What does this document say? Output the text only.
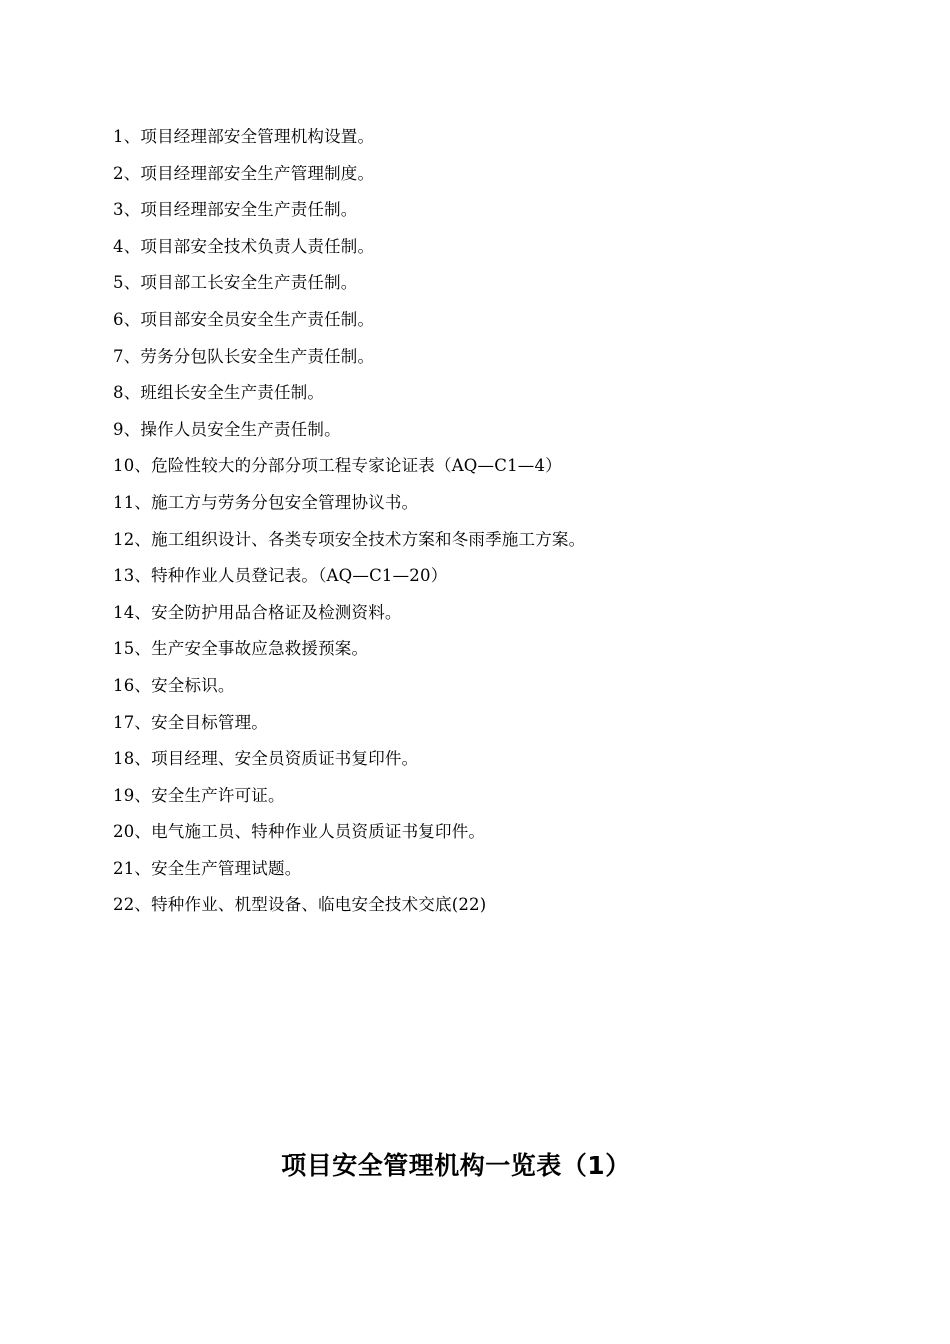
1、项目经理部安全管理机构设置。
2、项目经理部安全生产管理制度。
3、项目经理部安全生产责任制。
4、项目部安全技术负责人责任制。
5、项目部工长安全生产责任制。
6、项目部安全员安全生产责任制。
7、劳务分包队长安全生产责任制。
8、班组长安全生产责任制。
9、操作人员安全生产责任制。
10、危险性较大的分部分项工程专家论证表（AQ—C1—4）
11、施工方与劳务分包安全管理协议书。
12、施工组织设计、各类专项安全技术方案和冬雨季施工方案。
13、特种作业人员登记表。（AQ—C1—20）
14、安全防护用品合格证及检测资料。
15、生产安全事故应急救援预案。
16、安全标识。
17、安全目标管理。
18、项目经理、安全员资质证书复印件。
19、安全生产许可证。
20、电气施工员、特种作业人员资质证书复印件。
21、安全生产管理试题。
22、特种作业、机型设备、临电安全技术交底(22)
项目安全管理机构一览表（1）
